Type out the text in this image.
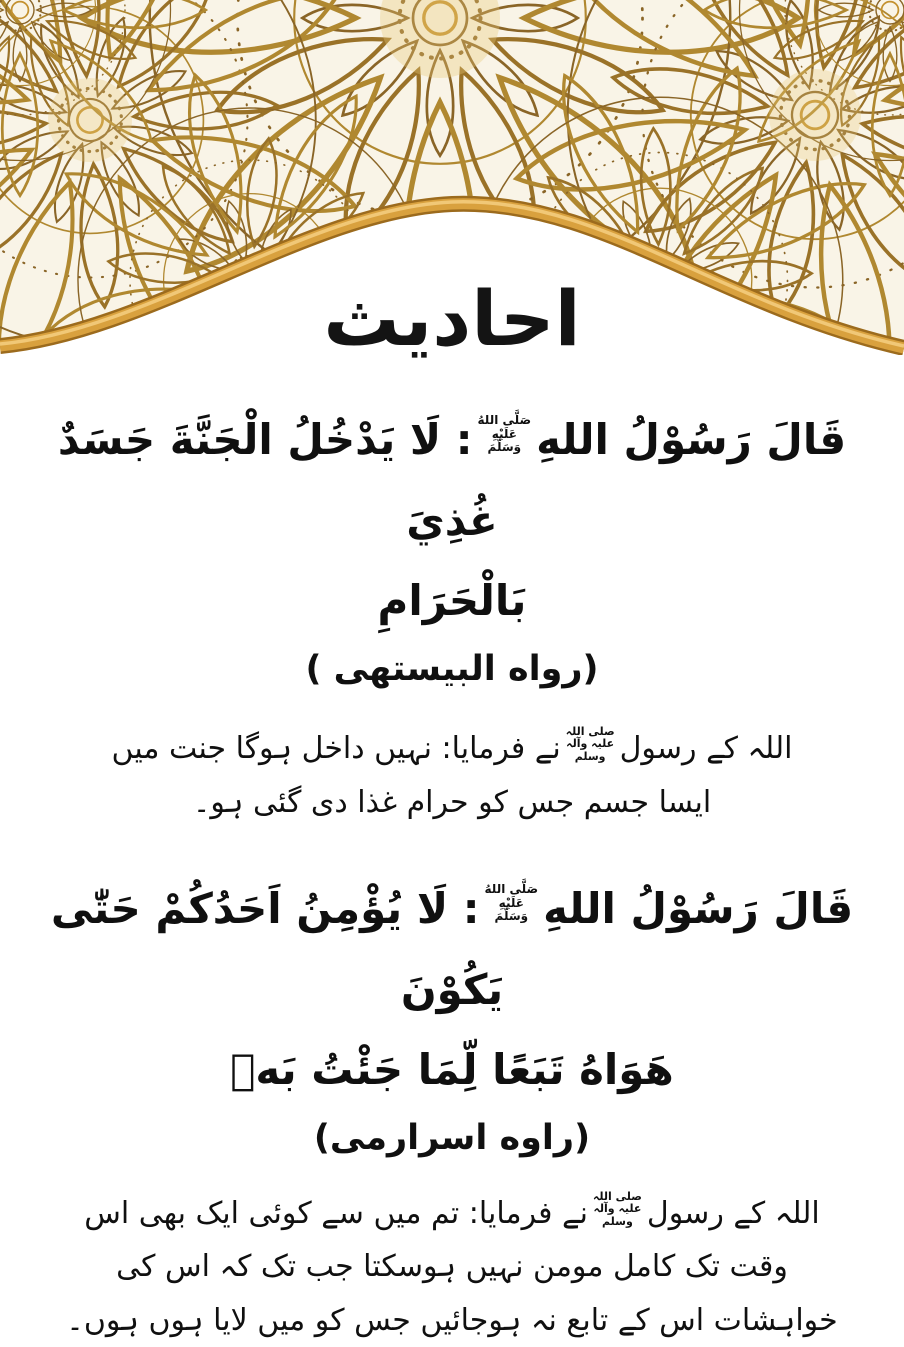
احادیث
قَالَ رَسُوْلُ اللهِ
صَلَّى اللهُ
عَلَيْهِ
وَسَلَّمَ
: لَا يَدْخُلُ الْجَنَّةَ جَسَدٌ غُذِيَ
بَالْحَرَامِ
(رواه البيستهى )
اللہ کے رسول
صلی اللہ
علیہ وآلہ
وسلم
نے فرمایا: نہیں داخل ہوگا جنت میں
ایسا جسم جس کو حرام غذا دی گئی ہو۔
قَالَ رَسُوْلُ اللهِ
صَلَّى اللهُ
عَلَيْهِ
وَسَلَّمَ
: لَا يُؤْمِنُ اَحَدُكُمْ حَتّٰى يَكُوْنَ
هَوَاهُ تَبَعًا لِّمَا جَئْتُ بَهٖ
(راوه اسرارمی)
اللہ کے رسول
صلی اللہ
علیہ وآلہ
وسلم
نے فرمایا: تم میں سے کوئی ایک بھی اس
وقت تک کامل مومن نہیں ہوسکتا جب تک کہ اس کی
خواہشات اس کے تابع نہ ہوجائیں جس کو میں لایا ہوں ہوں۔
